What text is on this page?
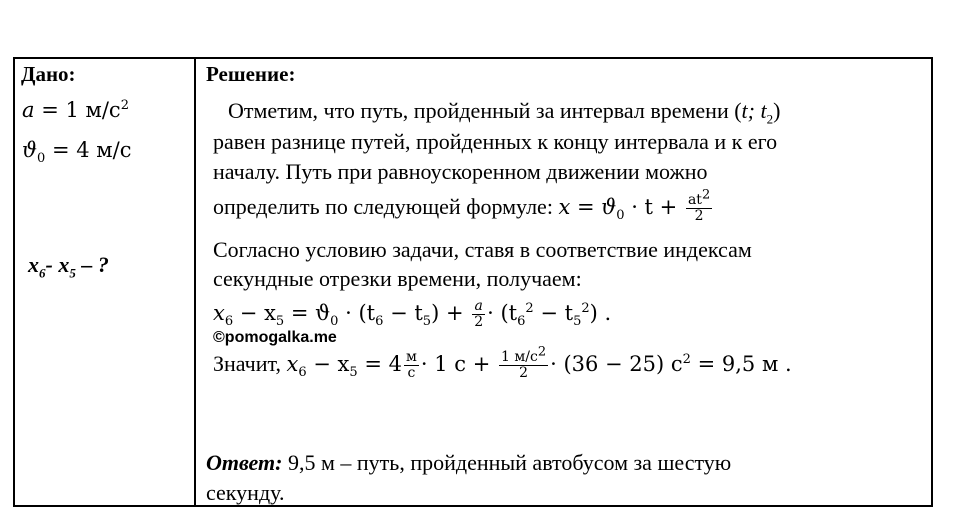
Дано:
a = 1 $м/с^2$
$ϑ_0 = 4$ м/с
$x_6-$ $x_5$ – ?
Решение:
Отметим, что путь, пройденный за интервал времени (t; $t_2$)
равен разнице путей, пройденных к концу интервала и к его
началу. Путь при равноускоренном движении можно
определить по следующей формуле: $x = ϑ_0 \cdot t + \frac{at^2}{2}$
Согласно условию задачи, ставя в соответствие индексам
секундные отрезки времени, получаем:
$x_6 - x_5 = ϑ_0 \cdot (t_6 - t_5) + \frac{a}{2} \cdot (t_6^2 - t_5^2)$ .
©pomogalka.me
Значит, $x_6 - x_5 = 4 \frac{м}{с} \cdot 1$ $с + \frac{1 м/с^2}{2} \cdot (36 - 25) с^2 = 9,5$ м .
Ответ: 9,5 м – путь, пройденный автобусом за шестую
секунду.
